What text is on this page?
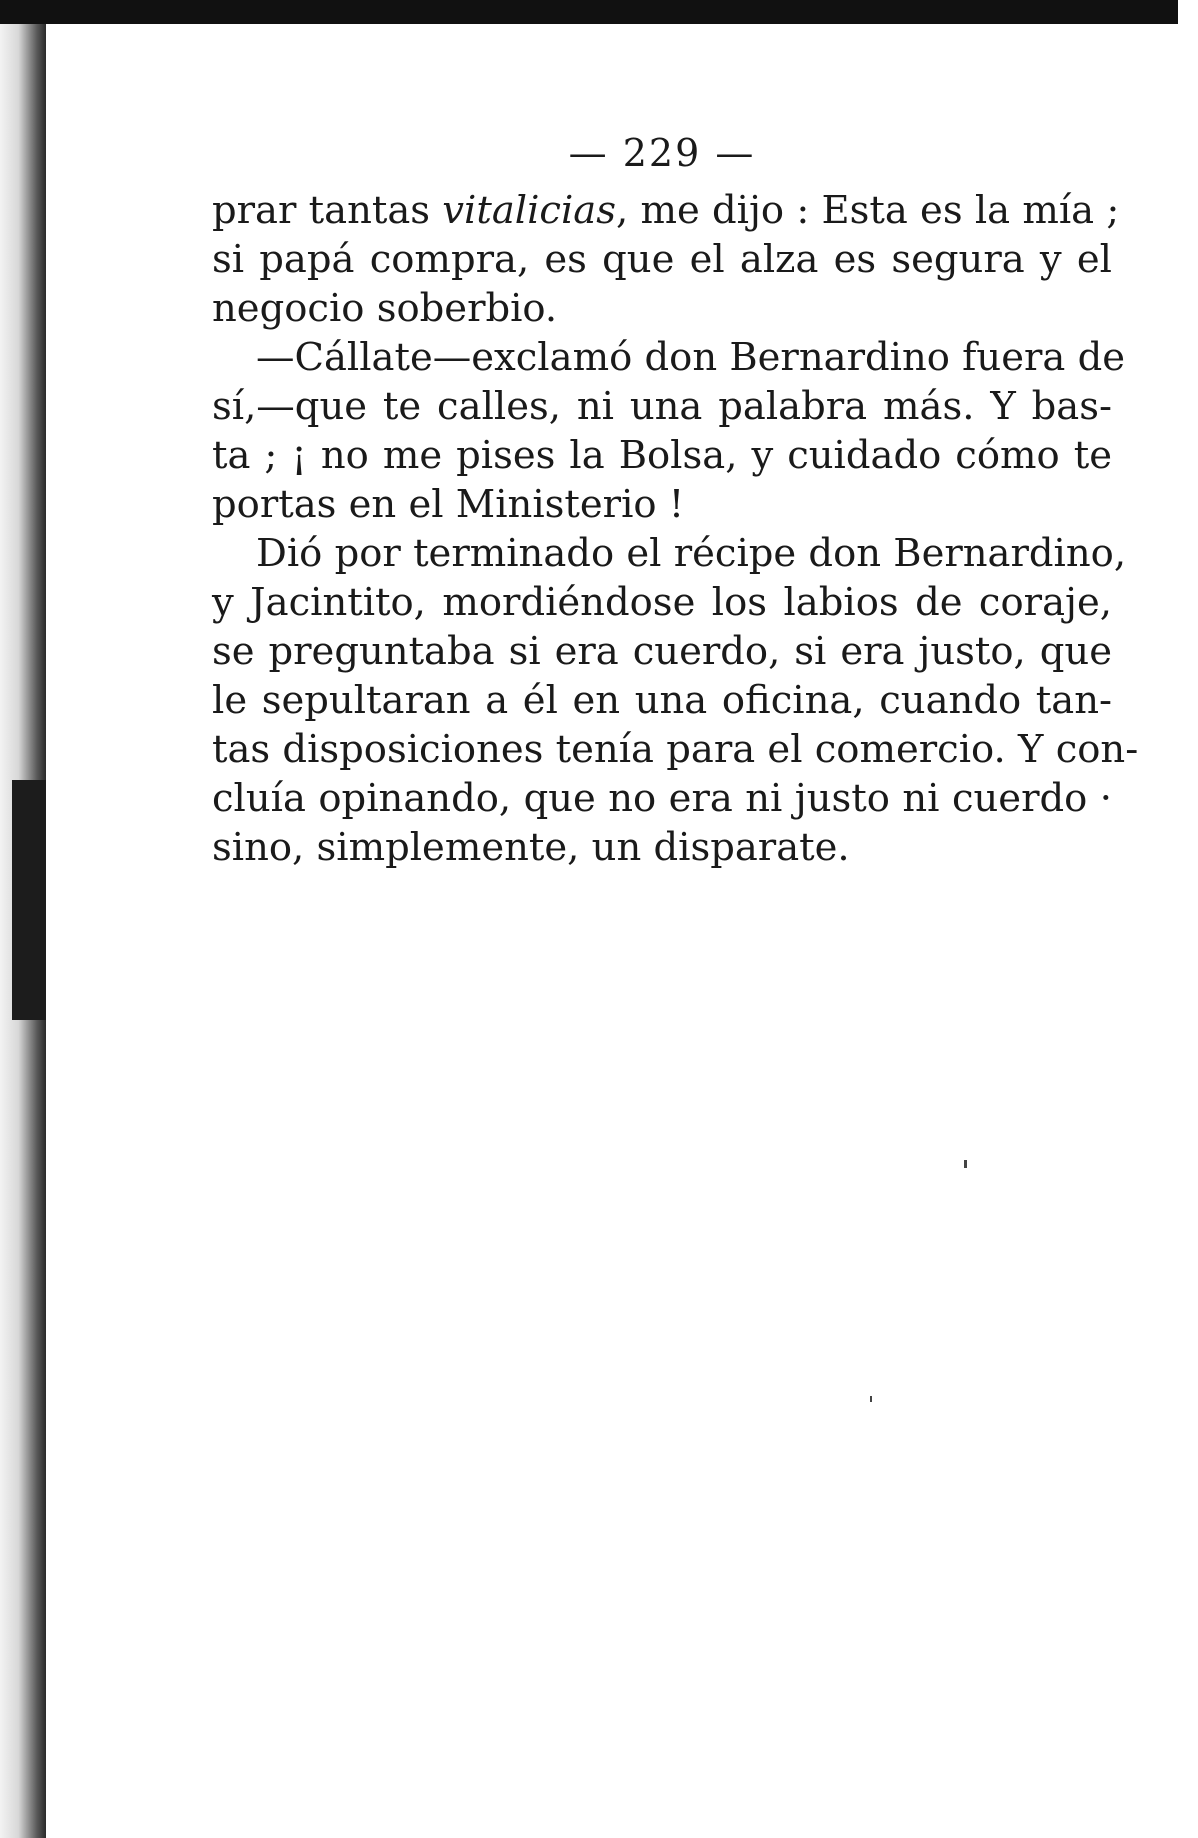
— 229 —
prar tantas vitalicias, me dijo : Esta es la mía ;
si papá compra, es que el alza es segura y el
negocio soberbio.
—Cállate—exclamó don Bernardino fuera de
sí,—que te calles, ni una palabra más. Y bas-
ta ; ¡ no me pises la Bolsa, y cuidado cómo te
portas en el Ministerio !
Dió por terminado el récipe don Bernardino,
y Jacintito, mordiéndose los labios de coraje,
se preguntaba si era cuerdo, si era justo, que
le sepultaran a él en una oficina, cuando tan-
tas disposiciones tenía para el comercio. Y con-
cluía opinando, que no era ni justo ni cuerdo ·
sino, simplemente, un disparate.
